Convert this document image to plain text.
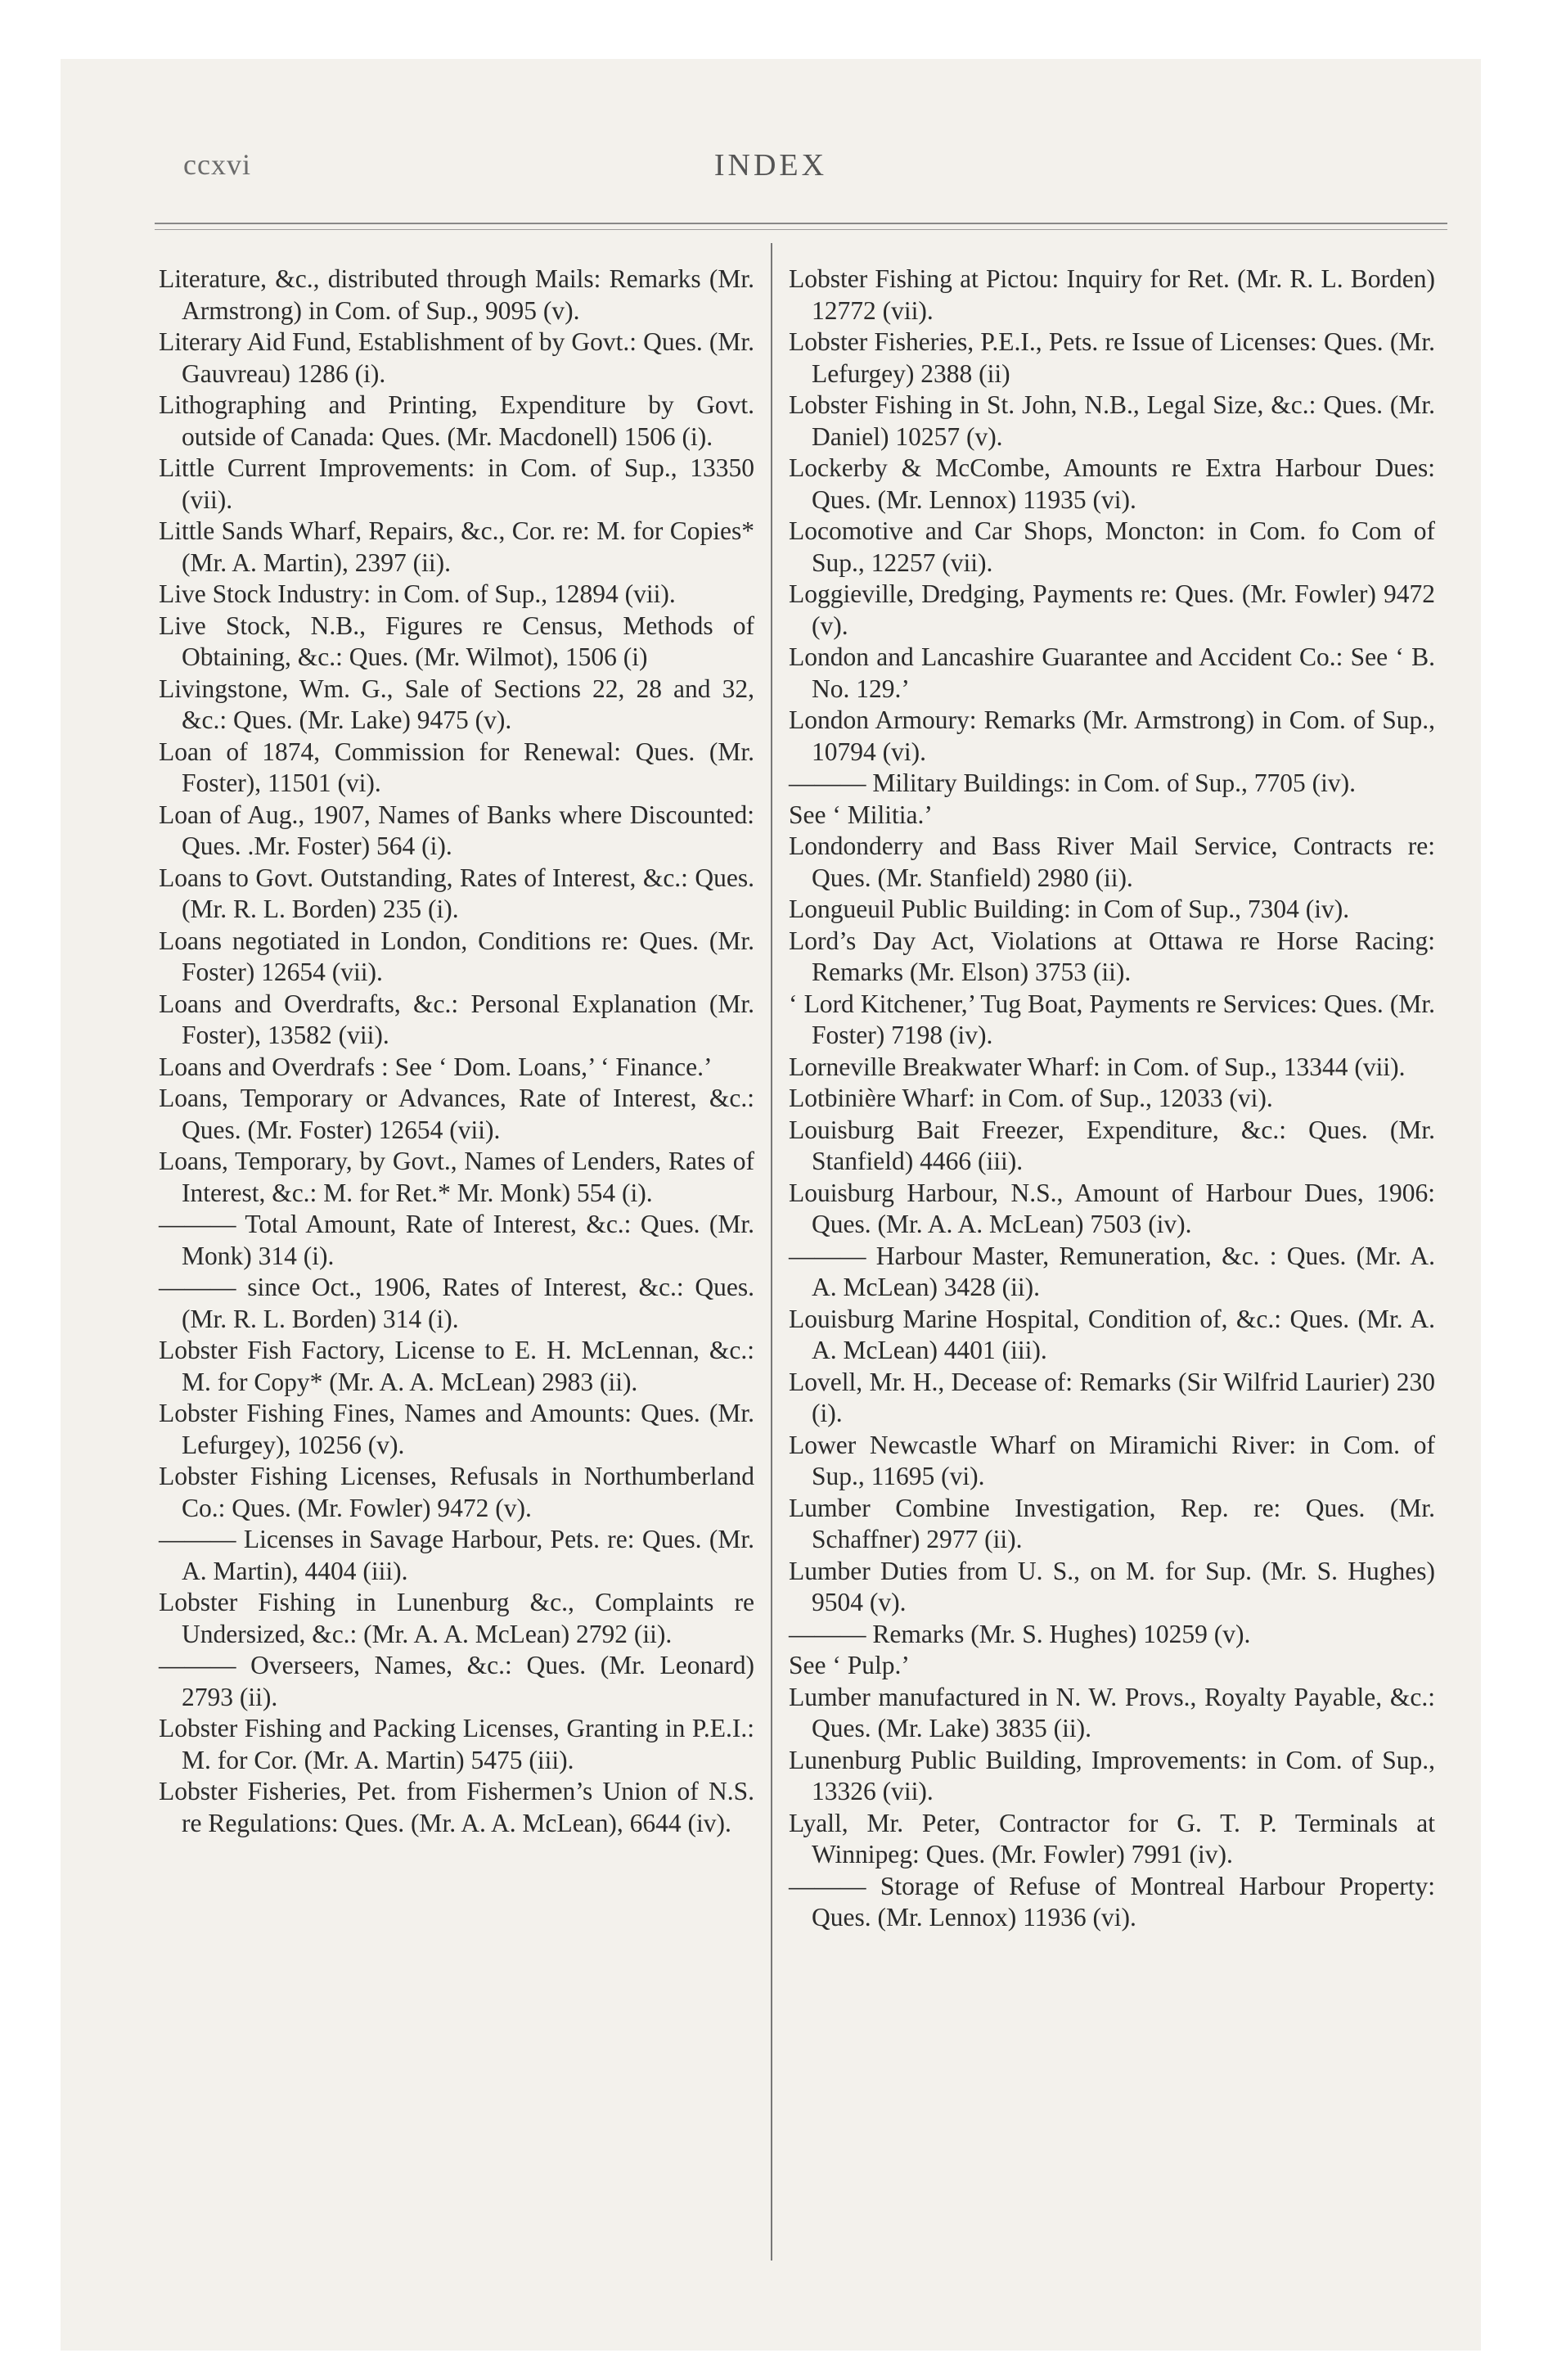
ccxvi	INDEX

Literature, &c., distributed through Mails: Remarks (Mr. Armstrong) in Com. of Sup., 9095 (v).

Literary Aid Fund, Establishment of by Govt.: Ques. (Mr. Gauvreau) 1286 (i).

Lithographing and Printing, Expenditure by Govt. outside of Canada: Ques. (Mr. Macdonell) 1506 (i).

Little Current Improvements: in Com. of Sup., 13350 (vii).

Little Sands Wharf, Repairs, &c., Cor. re: M. for Copies* (Mr. A. Martin), 2397 (ii).

Live Stock Industry: in Com. of Sup., 12894 (vii).

Live Stock, N.B., Figures re Census, Methods of Obtaining, &c.: Ques. (Mr. Wilmot), 1506 (i)

Livingstone, Wm. G., Sale of Sections 22, 28 and 32, &c.: Ques. (Mr. Lake) 9475 (v).

Loan of 1874, Commission for Renewal: Ques. (Mr. Foster), 11501 (vi).

Loan of Aug., 1907, Names of Banks where Discounted: Ques. .Mr. Foster) 564 (i).

Loans to Govt. Outstanding, Rates of Interest, &c.: Ques. (Mr. R. L. Borden) 235 (i).

Loans negotiated in London, Conditions re: Ques. (Mr. Foster) 12654 (vii).

Loans and Overdrafts, &c.: Personal Explanation (Mr. Foster), 13582 (vii).

Loans and Overdrafs : See ‘ Dom. Loans,’ ‘ Finance.’

Loans, Temporary or Advances, Rate of Interest, &c.: Ques. (Mr. Foster) 12654 (vii).

Loans, Temporary, by Govt., Names of Lenders, Rates of Interest, &c.: M. for Ret.* Mr. Monk) 554 (i).

——— Total Amount, Rate of Interest, &c.: Ques. (Mr. Monk) 314 (i).

——— since Oct., 1906, Rates of Interest, &c.: Ques. (Mr. R. L. Borden) 314 (i).

Lobster Fish Factory, License to E. H. McLennan, &c.: M. for Copy* (Mr. A. A. McLean) 2983 (ii).

Lobster Fishing Fines, Names and Amounts: Ques. (Mr. Lefurgey), 10256 (v).

Lobster Fishing Licenses, Refusals in Northumberland Co.: Ques. (Mr. Fowler) 9472 (v).

——— Licenses in Savage Harbour, Pets. re: Ques. (Mr. A. Martin), 4404 (iii).

Lobster Fishing in Lunenburg &c., Complaints re Undersized, &c.: (Mr. A. A. McLean) 2792 (ii).

——— Overseers, Names, &c.: Ques. (Mr. Leonard) 2793 (ii).

Lobster Fishing and Packing Licenses, Granting in P.E.I.: M. for Cor. (Mr. A. Martin) 5475 (iii).

Lobster Fisheries, Pet. from Fishermen’s Union of N.S. re Regulations: Ques. (Mr. A. A. McLean), 6644 (iv).

Lobster Fishing at Pictou: Inquiry for Ret. (Mr. R. L. Borden) 12772 (vii).

Lobster Fisheries, P.E.I., Pets. re Issue of Licenses: Ques. (Mr. Lefurgey) 2388 (ii)

Lobster Fishing in St. John, N.B., Legal Size, &c.: Ques. (Mr. Daniel) 10257 (v).

Lockerby & McCombe, Amounts re Extra Harbour Dues: Ques. (Mr. Lennox) 11935 (vi).

Locomotive and Car Shops, Moncton: in Com. fo Com of Sup., 12257 (vii).

Loggieville, Dredging, Payments re: Ques. (Mr. Fowler) 9472 (v).

London and Lancashire Guarantee and Accident Co.: See ‘ B. No. 129.’

London Armoury: Remarks (Mr. Armstrong) in Com. of Sup., 10794 (vi).

——— Military Buildings: in Com. of Sup., 7705 (iv).

See ‘ Militia.’

Londonderry and Bass River Mail Service, Contracts re: Ques. (Mr. Stanfield) 2980 (ii).

Longueuil Public Building: in Com of Sup., 7304 (iv).

Lord’s Day Act, Violations at Ottawa re Horse Racing: Remarks (Mr. Elson) 3753 (ii).

‘ Lord Kitchener,’ Tug Boat, Payments re Services: Ques. (Mr. Foster) 7198 (iv).

Lorneville Breakwater Wharf: in Com. of Sup., 13344 (vii).

Lotbinière Wharf: in Com. of Sup., 12033 (vi).

Louisburg Bait Freezer, Expenditure, &c.: Ques. (Mr. Stanfield) 4466 (iii).

Louisburg Harbour, N.S., Amount of Harbour Dues, 1906: Ques. (Mr. A. A. McLean) 7503 (iv).

——— Harbour Master, Remuneration, &c. : Ques. (Mr. A. A. McLean) 3428 (ii).

Louisburg Marine Hospital, Condition of, &c.: Ques. (Mr. A. A. McLean) 4401 (iii).

Lovell, Mr. H., Decease of: Remarks (Sir Wilfrid Laurier) 230 (i).

Lower Newcastle Wharf on Miramichi River: in Com. of Sup., 11695 (vi).

Lumber Combine Investigation, Rep. re: Ques. (Mr. Schaffner) 2977 (ii).

Lumber Duties from U. S., on M. for Sup. (Mr. S. Hughes) 9504 (v).

——— Remarks (Mr. S. Hughes) 10259 (v).

See ‘ Pulp.’

Lumber manufactured in N. W. Provs., Royalty Payable, &c.: Ques. (Mr. Lake) 3835 (ii).

Lunenburg Public Building, Improvements: in Com. of Sup., 13326 (vii).

Lyall, Mr. Peter, Contractor for G. T. P. Terminals at Winnipeg: Ques. (Mr. Fowler) 7991 (iv).

——— Storage of Refuse of Montreal Harbour Property: Ques. (Mr. Lennox) 11936 (vi).
